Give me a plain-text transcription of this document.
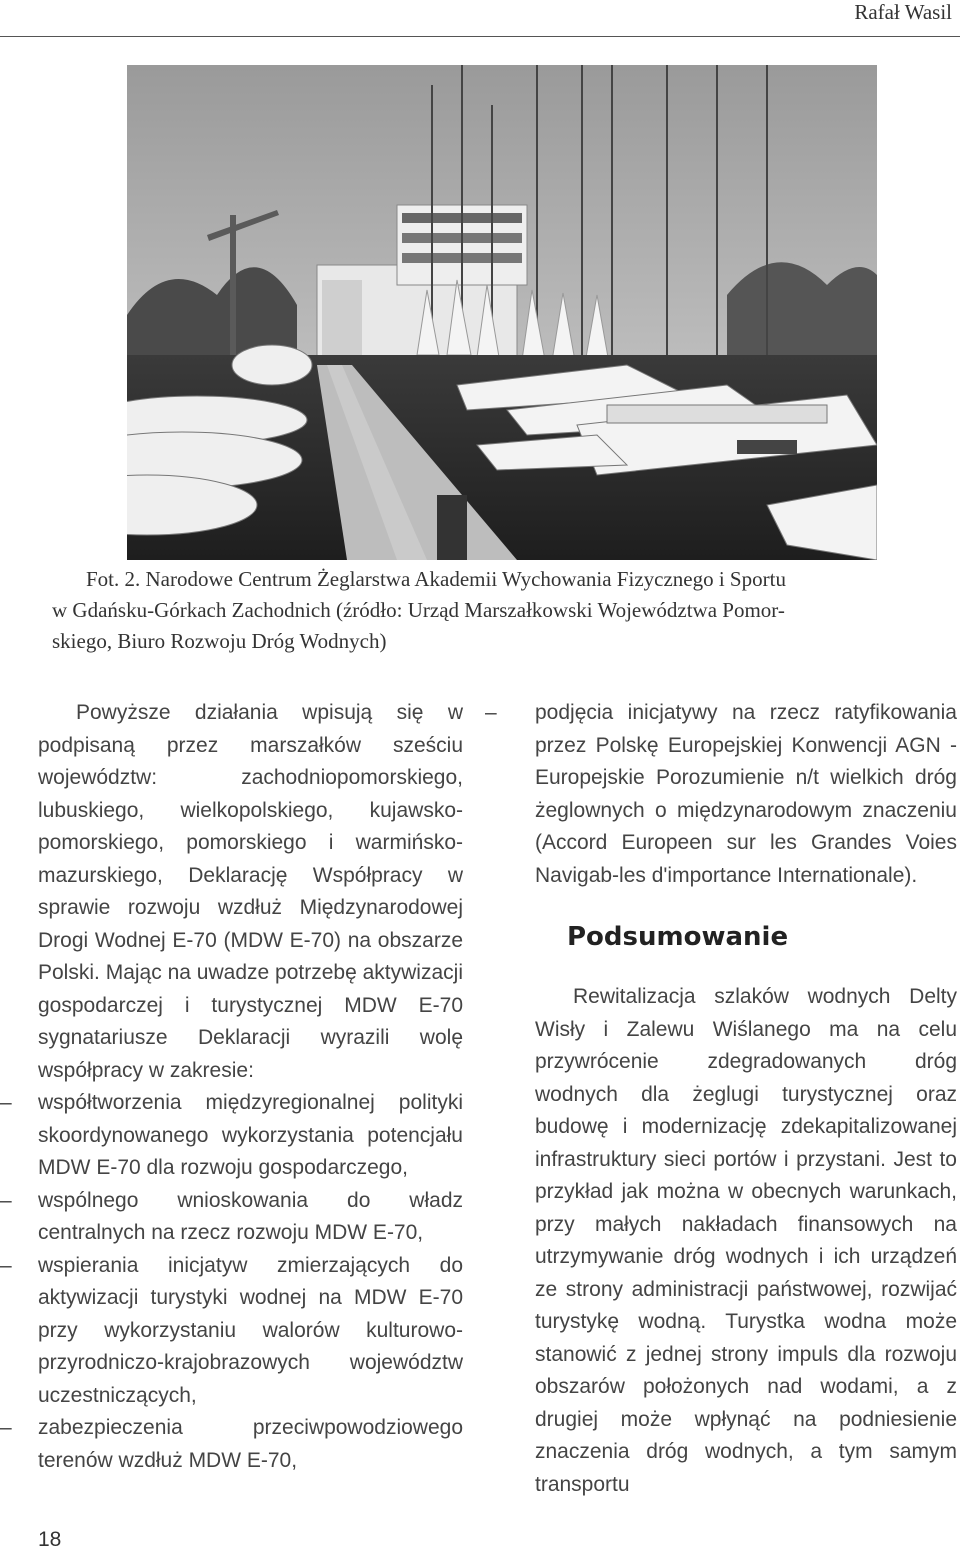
Rafał Wasil
Fot. 2. Narodowe Centrum Żeglarstwa Akademii Wychowania Fizycznego i Sportu
w Gdańsku-Górkach Zachodnich (źródło: Urząd Marszałkowski Województwa Pomor-
skiego, Biuro Rozwoju Dróg Wodnych)

Powyższe działania wpisują się w podpisaną przez marszałków sześciu województw: zachodniopomorskiego, lubuskiego, wielkopolskiego, kujawsko-pomorskiego, pomorskiego i warmińsko-mazurskiego, Deklarację Współpracy w sprawie rozwoju wzdłuż Międzynarodowej Drogi Wodnej E-70 (MDW E-70) na obszarze Polski. Mając na uwadze potrzebę aktywizacji gospodarczej i turystycznej MDW E-70 sygnatariusze Deklaracji wyrazili wolę współpracy w zakresie:

– współtworzenia międzyregionalnej polityki skoordynowanego wykorzystania potencjału MDW E-70 dla rozwoju gospodarczego,
– wspólnego wnioskowania do władz centralnych na rzecz rozwoju MDW E-70,
– wspierania inicjatyw zmierzających do aktywizacji turystyki wodnej na MDW E-70 przy wykorzystaniu walorów kulturowo-przyrodniczo-krajobrazowych województw uczestniczących,
– zabezpieczenia przeciwpowodziowego terenów wzdłuż MDW E-70,
– podjęcia inicjatywy na rzecz ratyfikowania przez Polskę Europejskiej Konwencji AGN - Europejskie Porozumienie n/t wielkich dróg żeglownych o międzynarodowym znaczeniu (Accord Europeen sur les Grandes Voies Navigab-les d'importance Internationale).
Podsumowanie

Rewitalizacja szlaków wodnych Delty Wisły i Zalewu Wiślanego ma na celu przywrócenie zdegradowanych dróg wodnych dla żeglugi turystycznej oraz budowę i modernizację zdekapitalizowanej infrastruktury sieci portów i przystani. Jest to przykład jak można w obecnych warunkach, przy małych nakładach finansowych na utrzymywanie dróg wodnych i ich urządzeń ze strony administracji państwowej, rozwijać turystykę wodną. Turystka wodna może stanowić z jednej strony impuls dla rozwoju obszarów położonych nad wodami, a z drugiej może wpłynąć na podniesienie znaczenia dróg wodnych, a tym samym transportu

18
